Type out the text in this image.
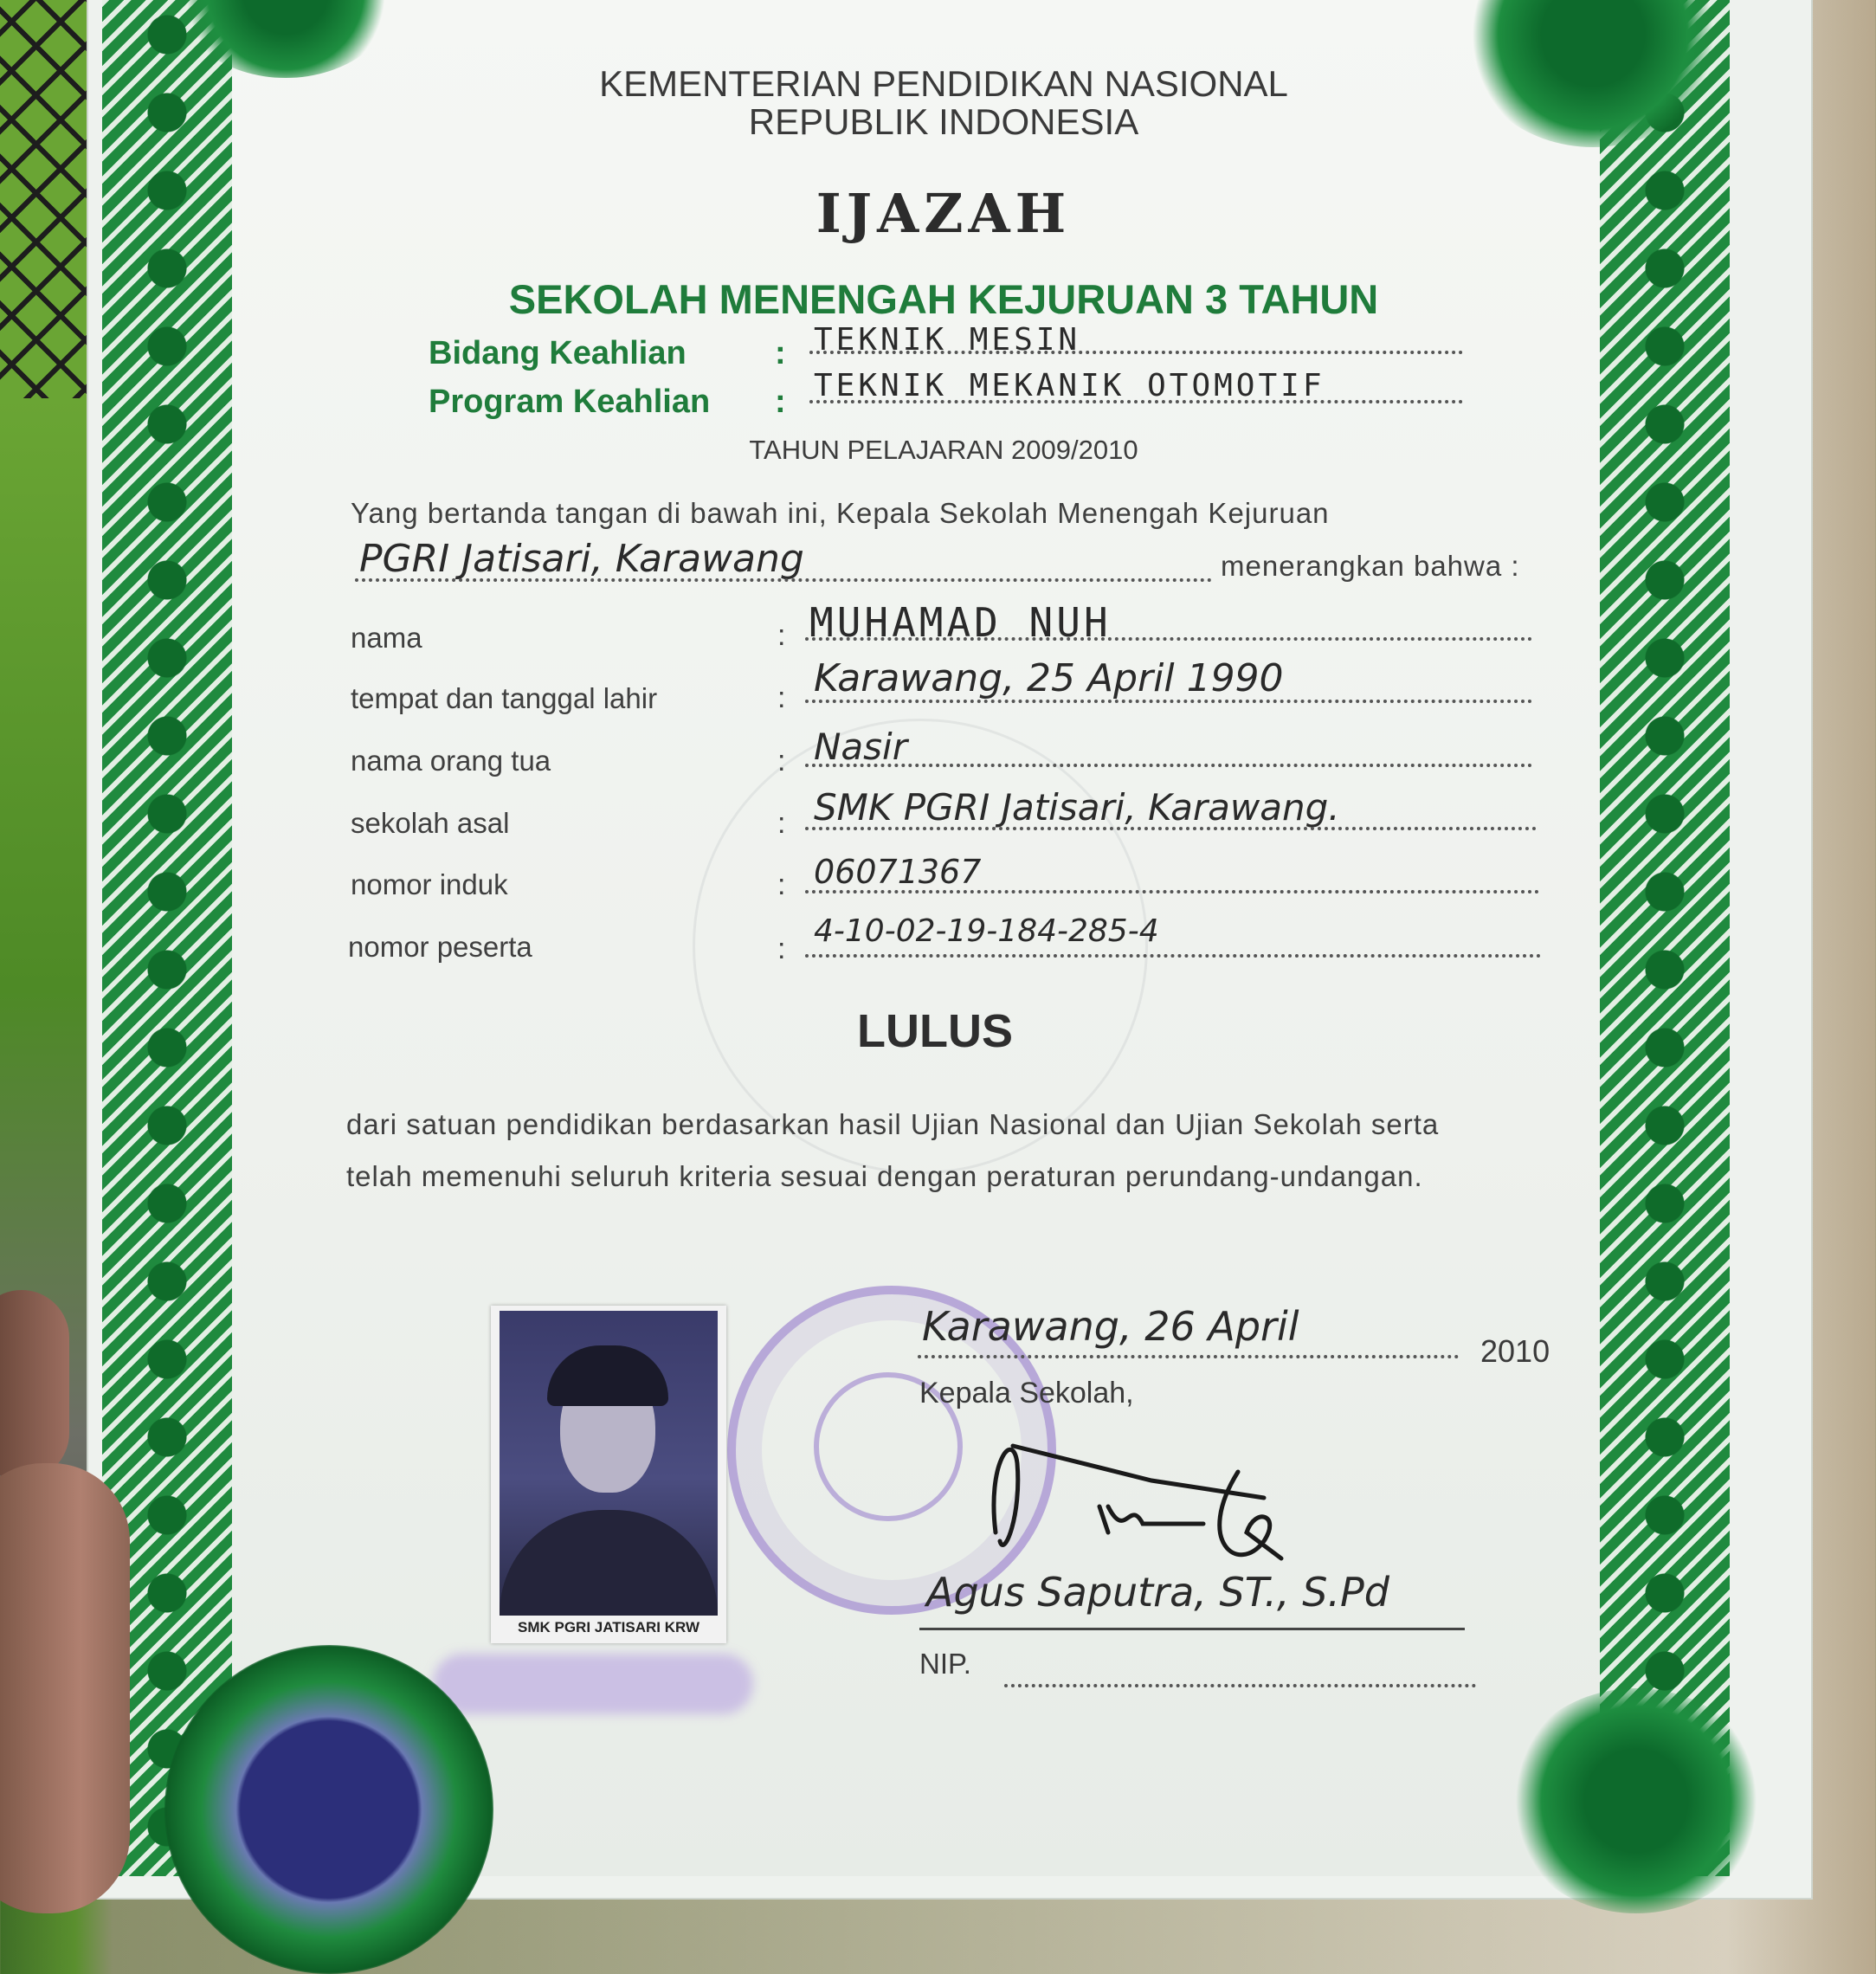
KEMENTERIAN PENDIDIKAN NASIONAL
REPUBLIK INDONESIA
IJAZAH
SEKOLAH MENENGAH KEJURUAN 3 TAHUN
Bidang Keahlian	: TEKNIK MESIN
Program Keahlian : TEKNIK MEKANIK OTOMOTIF
TAHUN PELAJARAN 2009/2010
Yang bertanda tangan di bawah ini, Kepala Sekolah Menengah Kejuruan
PGRI Jatisari, Karawang	menerangkan bahwa :
nama	: MUHAMAD NUH
tempat dan tanggal lahir	: Karawang, 25 April 1990
nama orang tua	: Nasir
sekolah asal	: SMK PGRI Jatisari, Karawang.
nomor induk	: 06071367
nomor peserta	: 4-10-02-19-184-285-4
LULUS
dari satuan pendidikan berdasarkan hasil Ujian Nasional dan Ujian Sekolah serta
telah memenuhi seluruh kriteria sesuai dengan peraturan perundang-undangan.
SMK PGRI JATISARI KRW
Karawang, 26 April
2010
Kepala Sekolah,
Agus Saputra, ST., S.Pd
NIP.
